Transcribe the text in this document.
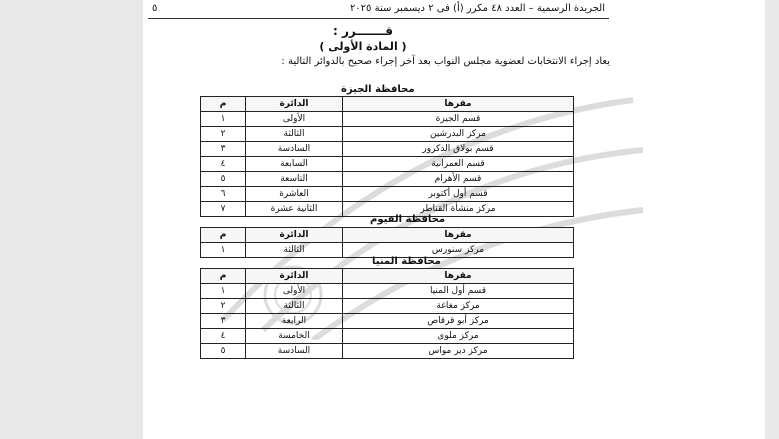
الجريدة الرسمية – العدد ٤٨ مكرر (أ) فى ٢ ديسمبر سنة ٢٠٢٥
٥
قـــــــرر :
( المادة الأولى )
يعاد إجراء الانتخابات لعضوية مجلس النواب بعد آخر إجراء صحيح بالدوائر التالية :
محافظة الجيزة
مقرها	الدائرة	م
قسم الجيزة	الأولى	١
مركز البدرشين	الثالثة	٢
قسم بولاق الدكرور	السادسة	٣
قسم العمرانية	السابعة	٤
قسم الأهرام	التاسعة	٥
قسم أول أكتوبر	العاشرة	٦
مركز منشأة القناطر	الثانية عشرة	٧
محافظة الفيوم
مقرها	الدائرة	م
مركز سنورس	الثالثة	١
محافظة المنيا
مقرها	الدائرة	م
قسم أول المنيا	الأولى	١
مركز مغاغة	الثالثة	٢
مركز أبو قرقاص	الرابعة	٣
مركز ملوى	الخامسة	٤
مركز دير مواس	السادسة	٥
